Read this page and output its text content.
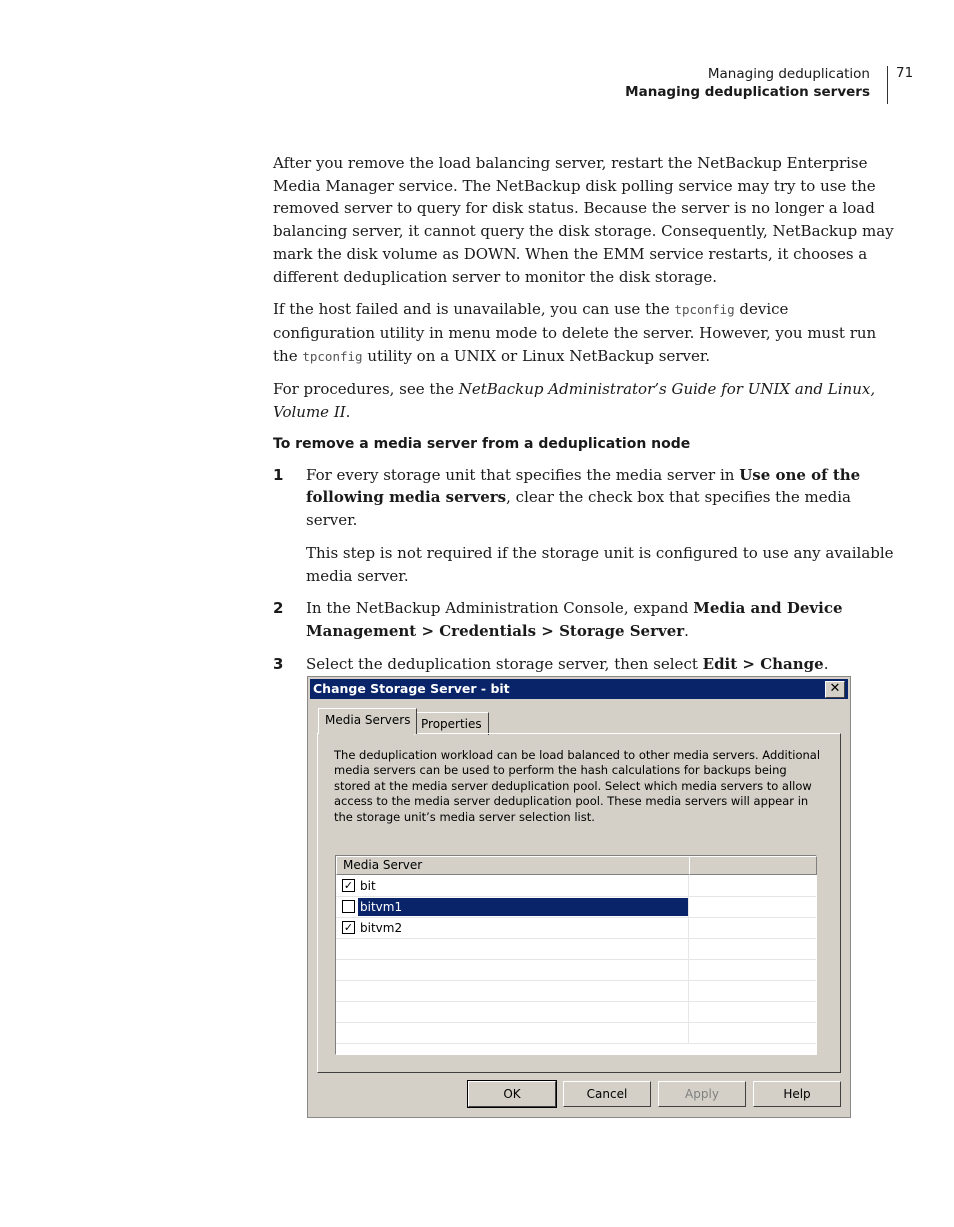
Managing deduplication
Managing deduplication servers
71

After you remove the load balancing server, restart the NetBackup Enterprise Media Manager service. The NetBackup disk polling service may try to use the removed server to query for disk status. Because the server is no longer a load balancing server, it cannot query the disk storage. Consequently, NetBackup may mark the disk volume as DOWN. When the EMM service restarts, it chooses a different deduplication server to monitor the disk storage.

If the host failed and is unavailable, you can use the tpconfig device configuration utility in menu mode to delete the server. However, you must run the tpconfig utility on a UNIX or Linux NetBackup server.

For procedures, see the NetBackup Administrator’s Guide for UNIX and Linux, Volume II.

To remove a media server from a deduplication node
1 For every storage unit that specifies the media server in Use one of the following media servers, clear the check box that specifies the media server.

This step is not required if the storage unit is configured to use any available media server.

2 In the NetBackup Administration Console, expand Media and Device Management > Credentials > Storage Server.

3 Select the deduplication storage server, then select Edit > Change.

Change Storage Server - bit	✕
Media Servers Properties
The deduplication workload can be load balanced to other media servers. Additional media servers can be used to perform the hash calculations for backups being stored at the media server deduplication pool. Select which media servers to allow access to the media server deduplication pool. These media servers will appear in the storage unit’s media server selection list.
Media Server
✓ bit
bitvm1
✓ bitvm2
OK	Cancel	Apply	Help
